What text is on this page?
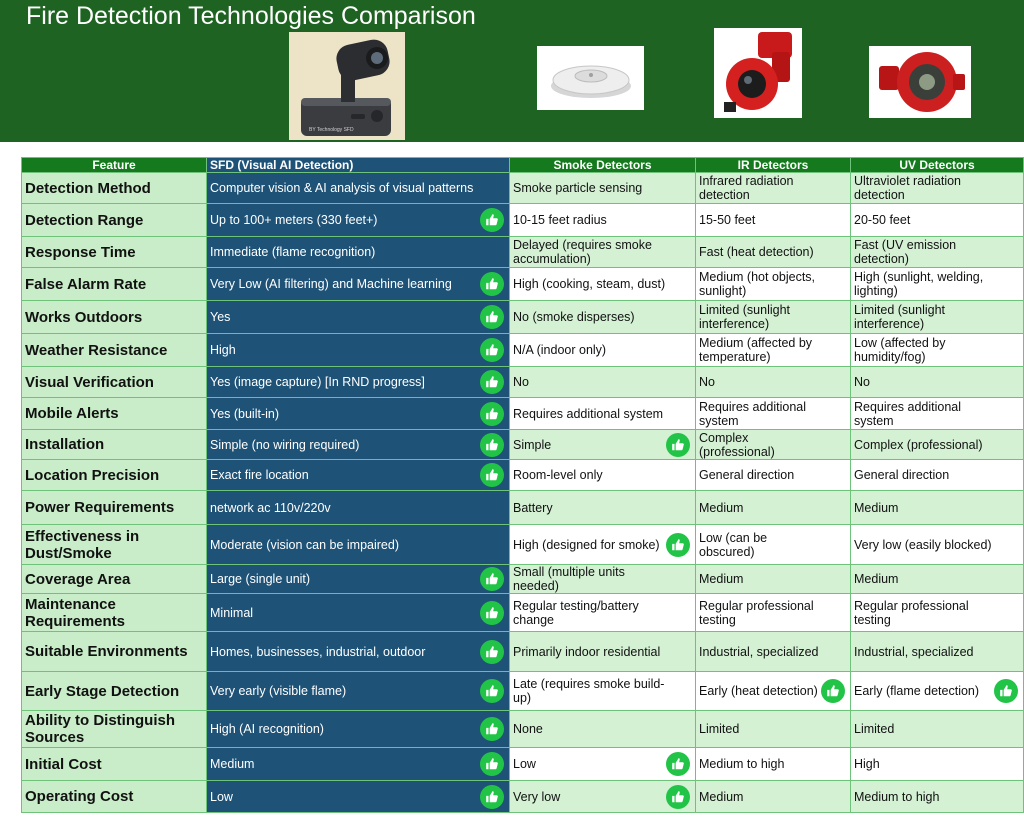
Fire Detection Technologies Comparison
BY Technology SFD
Feature	SFD (Visual AI Detection)	Smoke Detectors	IR Detectors	UV Detectors
Detection Method	Computer vision & AI analysis of visual patterns	Smoke particle sensing	Infrared radiation detection	Ultraviolet radiation detection

Detection Range	Up to 100+ meters (330 feet+)	10-15 feet radius	15-50 feet	20-50 feet

Response Time	Immediate (flame recognition)	Delayed (requires smoke accumulation)	Fast (heat detection)	Fast (UV emission detection)

False Alarm Rate	Very Low (AI filtering) and Machine learning	High (cooking, steam, dust)	Medium (hot objects, sunlight)	High (sunlight, welding, lighting)

Works Outdoors	Yes	No (smoke disperses)	Limited (sunlight interference)	Limited (sunlight interference)

Weather Resistance	High	N/A (indoor only)	Medium (affected by temperature)	Low (affected by humidity/fog)

Visual Verification	Yes (image capture) [In RND progress]	No	No	No

Mobile Alerts	Yes (built-in)	Requires additional system	Requires additional system	Requires additional system

Installation	Simple (no wiring required)	Simple	Complex (professional)	Complex (professional)

Location Precision	Exact fire location	Room-level only	General direction	General direction

Power Requirements	network ac 110v/220v	Battery	Medium	Medium

Effectiveness in Dust/Smoke	Moderate (vision can be impaired)	High (designed for smoke)	Low (can be obscured)	Very low (easily blocked)

Coverage Area	Large (single unit)	Small (multiple units needed)	Medium	Medium

Maintenance Requirements	Minimal	Regular testing/battery change	Regular professional testing	Regular professional testing

Suitable Environments	Homes, businesses, industrial, outdoor	Primarily indoor residential	Industrial, specialized	Industrial, specialized

Early Stage Detection	Very early (visible flame)	Late (requires smoke build-up)	Early (heat detection)	Early (flame detection)

Ability to Distinguish Sources	High (AI recognition)	None	Limited	Limited

Initial Cost	Medium	Low	Medium to high	High

Operating Cost	Low	Very low	Medium	Medium to high
